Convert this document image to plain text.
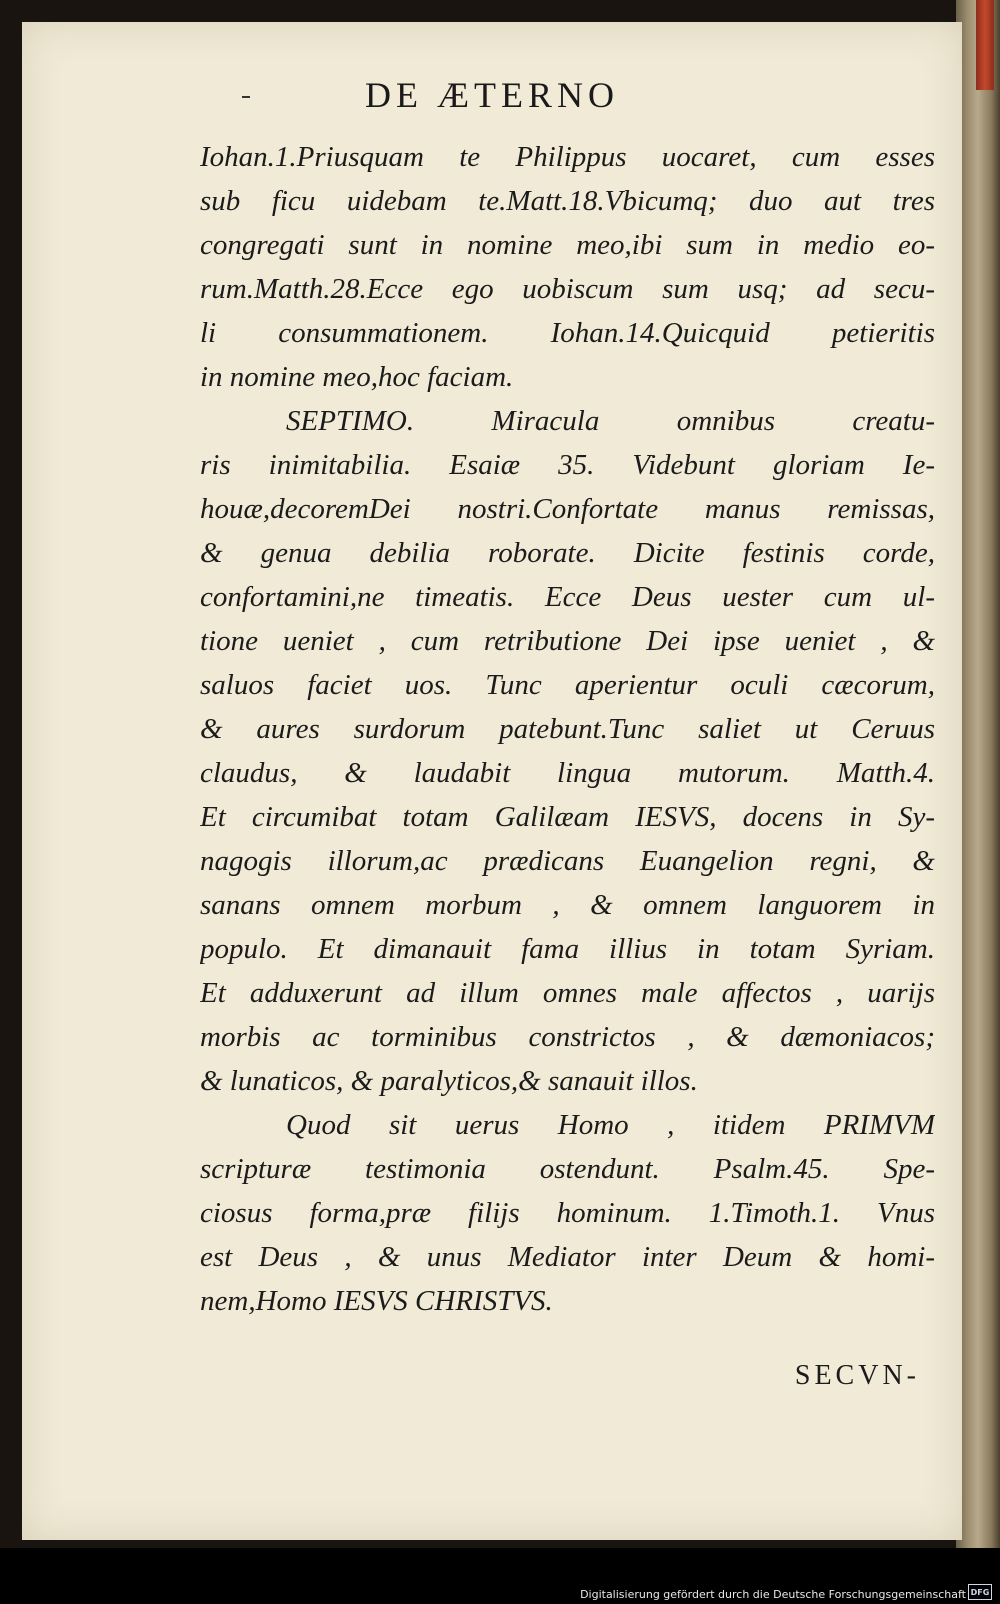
DE ÆTERNO
Iohan.1.Priusquam te Philippus uocaret, cum esses
sub ficu uidebam te.Matt.18.Vbicumq; duo aut tres
congregati sunt in nomine meo,ibi sum in medio eo-
rum.Matth.28.Ecce ego uobiscum sum usq; ad secu-
li consummationem. Iohan.14.Quicquid petieritis
in nomine meo,hoc faciam.
SEPTIMO. Miracula omnibus creatu-
ris inimitabilia. Esaiæ 35. Videbunt gloriam Ie-
houæ,decoremDei nostri.Confortate manus remissas,
& genua debilia roborate. Dicite festinis corde,
confortamini,ne timeatis. Ecce Deus uester cum ul-
tione ueniet , cum retributione Dei ipse ueniet , &
saluos faciet uos. Tunc aperientur oculi cæcorum,
& aures surdorum patebunt.Tunc saliet ut Ceruus
claudus, & laudabit lingua mutorum. Matth.4.
Et circumibat totam Galilæam IESVS, docens in Sy-
nagogis illorum,ac prædicans Euangelion regni, &
sanans omnem morbum , & omnem languorem in
populo. Et dimanauit fama illius in totam Syriam.
Et adduxerunt ad illum omnes male affectos , uarijs
morbis ac torminibus constrictos , & dæmoniacos;
& lunaticos, & paralyticos,& sanauit illos.
Quod sit uerus Homo , itidem PRIMVM
scripturæ testimonia ostendunt. Psalm.45. Spe-
ciosus forma,præ filijs hominum. 1.Timoth.1. Vnus
est Deus , & unus Mediator inter Deum & homi-
nem,Homo IESVS CHRISTVS.
SECVN-
Digitalisierung gefördert durch die Deutsche Forschungsgemeinschaft DFG
